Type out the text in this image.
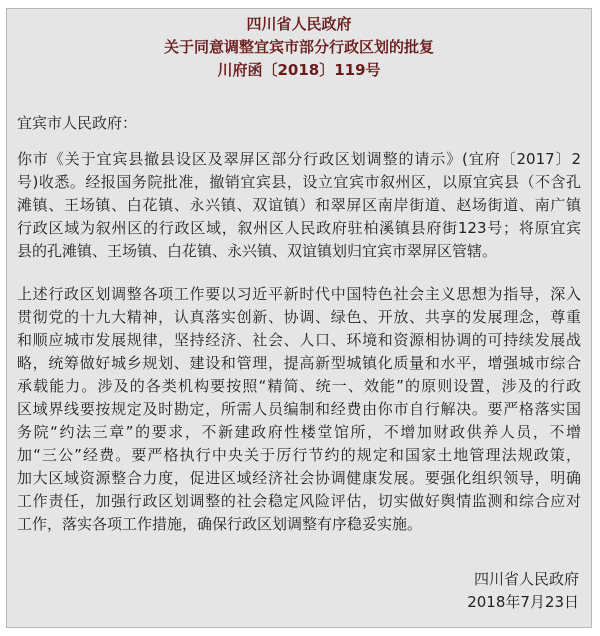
四川省人民政府
关于同意调整宜宾市部分行政区划的批复
川府函〔2018〕119号
宜宾市人民政府：
四川省人民政府
2018年7月23日
你市《关于宜宾县撤县设区及翠屏区部分行政区划调整的请示》(宜府〔2017〕2
号)收悉。经报国务院批准，撤销宜宾县，设立宜宾市叙州区，以原宜宾县（不含孔
滩镇、王场镇、白花镇、永兴镇、双谊镇）和翠屏区南岸街道、赵场街道、南广镇
行政区域为叙州区的行政区域，叙州区人民政府驻柏溪镇县府街123号；将原宜宾
县的孔滩镇、王场镇、白花镇、永兴镇、双谊镇划归宜宾市翠屏区管辖。
上述行政区划调整各项工作要以习近平新时代中国特色社会主义思想为指导，深入
贯彻党的十九大精神，认真落实创新、协调、绿色、开放、共享的发展理念，尊重
和顺应城市发展规律，坚持经济、社会、人口、环境和资源相协调的可持续发展战
略，统筹做好城乡规划、建设和管理，提高新型城镇化质量和水平，增强城市综合
承载能力。涉及的各类机构要按照“精简、统一、效能”的原则设置，涉及的行政
区域界线要按规定及时勘定，所需人员编制和经费由你市自行解决。要严格落实国
务院“约法三章”的要求，不新建政府性楼堂馆所，不增加财政供养人员，不增
加“三公”经费。要严格执行中央关于厉行节约的规定和国家土地管理法规政策，
加大区域资源整合力度，促进区域经济社会协调健康发展。要强化组织领导，明确
工作责任，加强行政区划调整的社会稳定风险评估，切实做好舆情监测和综合应对
工作，落实各项工作措施，确保行政区划调整有序稳妥实施。
